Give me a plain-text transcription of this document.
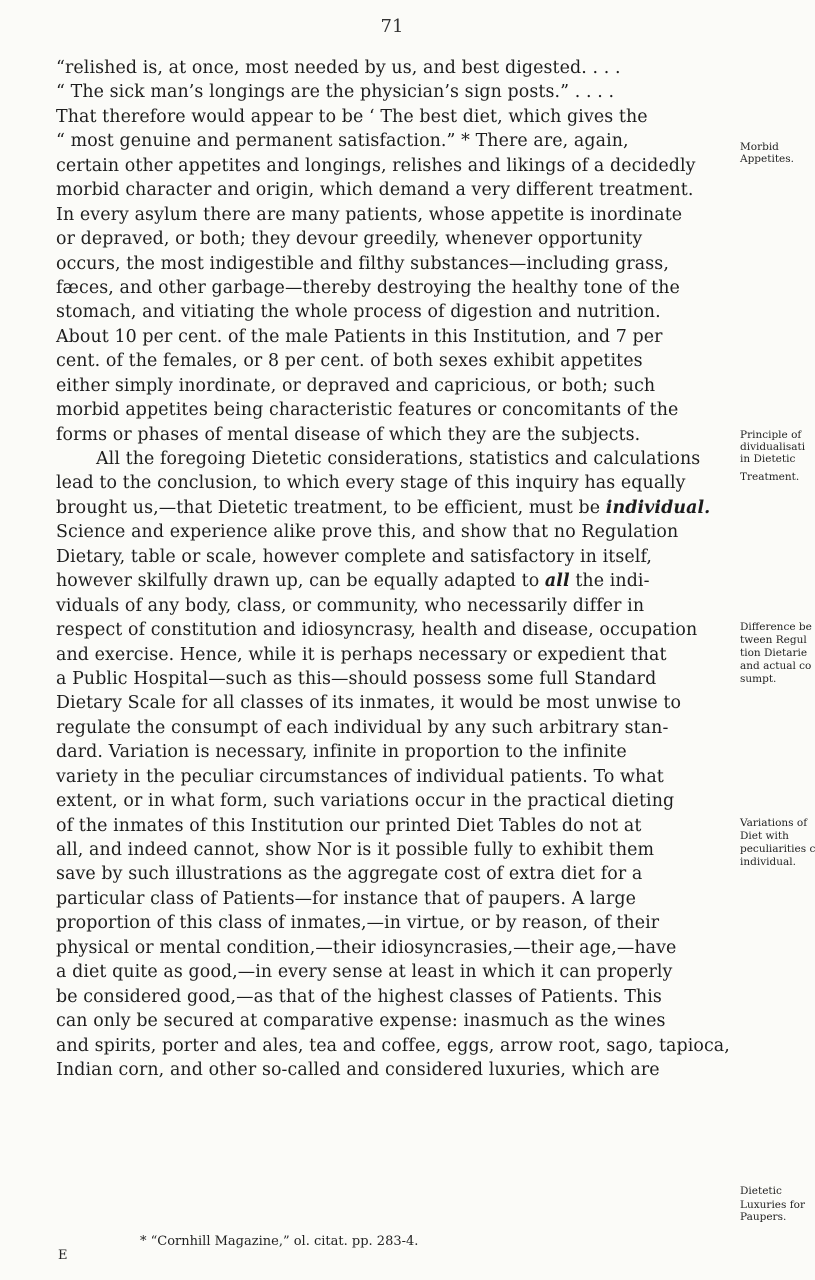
71
“relished is, at once, most needed by us, and best digested. . . .
“ The sick man’s longings are the physician’s sign posts.” . . . .
That therefore would appear to be ‘ The best diet, which gives the
“ most genuine and permanent satisfaction.” * There are, again,
certain other appetites and longings, relishes and likings of a decidedly
morbid character and origin, which demand a very different treatment.
In every asylum there are many patients, whose appetite is inordinate
or depraved, or both; they devour greedily, whenever opportunity
occurs, the most indigestible and filthy substances—including grass,
fæces, and other garbage—thereby destroying the healthy tone of the
stomach, and vitiating the whole process of digestion and nutrition.
About 10 per cent. of the male Patients in this Institution, and 7 per
cent. of the females, or 8 per cent. of both sexes exhibit appetites
either simply inordinate, or depraved and capricious, or both; such
morbid appetites being characteristic features or concomitants of the
forms or phases of mental disease of which they are the subjects.
All the foregoing Dietetic considerations, statistics and calculations
lead to the conclusion, to which every stage of this inquiry has equally
brought us,—that Dietetic treatment, to be efficient, must be individual.
Science and experience alike prove this, and show that no Regulation
Dietary, table or scale, however complete and satisfactory in itself,
however skilfully drawn up, can be equally adapted to all the indi-
viduals of any body, class, or community, who necessarily differ in
respect of constitution and idiosyncrasy, health and disease, occupation
and exercise. Hence, while it is perhaps necessary or expedient that
a Public Hospital—such as this—should possess some full Standard
Dietary Scale for all classes of its inmates, it would be most unwise to
regulate the consumpt of each individual by any such arbitrary stan-
dard. Variation is necessary, infinite in proportion to the infinite
variety in the peculiar circumstances of individual patients. To what
extent, or in what form, such variations occur in the practical dieting
of the inmates of this Institution our printed Diet Tables do not at
all, and indeed cannot, show Nor is it possible fully to exhibit them
save by such illustrations as the aggregate cost of extra diet for a
particular class of Patients—for instance that of paupers. A large
proportion of this class of inmates,—in virtue, or by reason, of their
physical or mental condition,—their idiosyncrasies,—their age,—have
a diet quite as good,—in every sense at least in which it can properly
be considered good,—as that of the highest classes of Patients. This
can only be secured at comparative expense: inasmuch as the wines
and spirits, porter and ales, tea and coffee, eggs, arrow root, sago, tapioca,
Indian corn, and other so-called and considered luxuries, which are
Morbid
Appetites.
Principle of
dividualisati
in Dietetic
Treatment.
Difference be
tween Regul
tion Dietarie
and actual co
sumpt.
Variations of
Diet with
peculiarities c
individual.
Dietetic
Luxuries for
Paupers.
* “Cornhill Magazine,” ol. citat. pp. 283-4.
E
